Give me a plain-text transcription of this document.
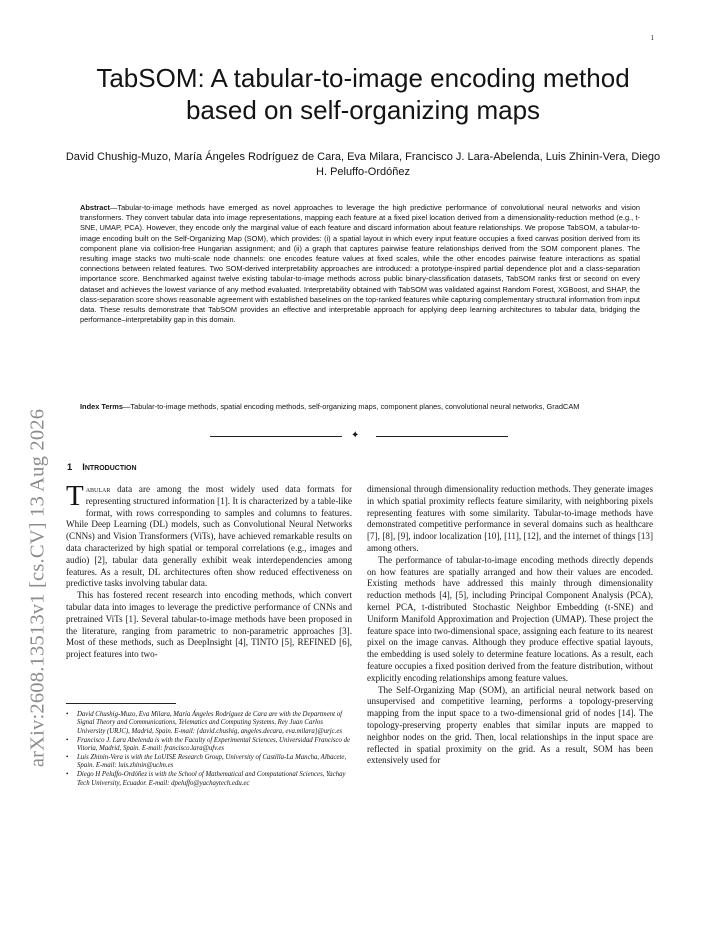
1
arXiv:2608.13513v1 [cs.CV] 13 Aug 2026
TabSOM: A tabular-to-image encoding method based on self-organizing maps
David Chushig-Muzo, María Ángeles Rodríguez de Cara, Eva Milara, Francisco J. Lara-Abelenda, Luis Zhinin-Vera, Diego H. Peluffo-Ordóñez
Abstract—Tabular-to-image methods have emerged as novel approaches to leverage the high predictive performance of convolutional neural networks and vision transformers. They convert tabular data into image representations, mapping each feature at a fixed pixel location derived from a dimensionality-reduction method (e.g., t-SNE, UMAP, PCA). However, they encode only the marginal value of each feature and discard information about feature relationships. We propose TabSOM, a tabular-to-image encoding built on the Self-Organizing Map (SOM), which provides: (i) a spatial layout in which every input feature occupies a fixed canvas position derived from its component plane via collision-free Hungarian assignment; and (ii) a graph that captures pairwise feature relationships derived from the SOM component planes. The resulting image stacks two multi-scale node channels: one encodes feature values at fixed scales, while the other encodes pairwise feature interactions as spatial connections between related features. Two SOM-derived interpretability approaches are introduced: a prototype-inspired partial dependence plot and a class-separation importance score. Benchmarked against twelve existing tabular-to-image methods across public binary-classification datasets, TabSOM ranks first or second on every dataset and achieves the lowest variance of any method evaluated. Interpretability obtained with TabSOM was validated against Random Forest, XGBoost, and SHAP, the class-separation score shows reasonable agreement with established baselines on the top-ranked features while capturing complementary structural information from input data. These results demonstrate that TabSOM provides an effective and interpretable approach for applying deep learning architectures to tabular data, bridging the performance–interpretability gap in this domain.
Index Terms—Tabular-to-image methods, spatial encoding methods, self-organizing maps, component planes, convolutional neural networks, GradCAM
✦
1 Introduction

Tabular data are among the most widely used data formats for representing structured information [1]. It is characterized by a table-like format, with rows corresponding to samples and columns to features. While Deep Learning (DL) models, such as Convolutional Neural Networks (CNNs) and Vision Transformers (ViTs), have achieved remarkable results on data characterized by high spatial or temporal correlations (e.g., images and audio) [2], tabular data generally exhibit weak interdependencies among features. As a result, DL architectures often show reduced effectiveness on predictive tasks involving tabular data.

This has fostered recent research into encoding methods, which convert tabular data into images to leverage the predictive performance of CNNs and pretrained ViTs [1]. Several tabular-to-image methods have been proposed in the literature, ranging from parametric to non-parametric approaches [3]. Most of these methods, such as DeepInsight [4], TINTO [5], REFINED [6], project features into two-

dimensional through dimensionality reduction methods. They generate images in which spatial proximity reflects feature similarity, with neighboring pixels representing features with some similarity. Tabular-to-image methods have demonstrated competitive performance in several domains such as healthcare [7], [8], [9], indoor localization [10], [11], [12], and the internet of things [13] among others.

The performance of tabular-to-image encoding methods directly depends on how features are spatially arranged and how their values are encoded. Existing methods have addressed this mainly through dimensionality reduction methods [4], [5], including Principal Component Analysis (PCA), kernel PCA, t-distributed Stochastic Neighbor Embedding (t-SNE) and Uniform Manifold Approximation and Projection (UMAP). These project the feature space into two-dimensional space, assigning each feature to its nearest pixel on the image canvas. Although they produce effective spatial layouts, the embedding is used solely to determine feature locations. As a result, each feature occupies a fixed position derived from the feature distribution, without explicitly encoding relationships among feature values.

The Self-Organizing Map (SOM), an artificial neural network based on unsupervised and competitive learning, performs a topology-preserving mapping from the input space to a two-dimensional grid of nodes [14]. The topology-preserving property enables that similar inputs are mapped to neighbor nodes on the grid. Then, local relationships in the input space are reflected in spatial proximity on the grid. As a result, SOM has been extensively used for

• David Chushig-Muzo, Eva Milara, María Ángeles Rodríguez de Cara are with the Department of Signal Theory and Communications, Telematics and Computing Systems, Rey Juan Carlos University (URJC), Madrid, Spain. E-mail: {david.chushig, angeles.decara, eva.milara}@urjc.es
• Francisco J. Lara Abelenda is with the Faculty of Experimental Sciences, Universidad Francisco de Vitoria, Madrid, Spain. E-mail: francisco.lara@ufv.es
• Luis Zhinin-Vera is with the LoUISE Research Group, University of Castilla-La Mancha, Albacete, Spain. E-mail: luis.zhinin@uclm.es
• Diego H Peluffo-Ordóñez is with the School of Mathematical and Computational Sciences, Yachay Tech University, Ecuador. E-mail: dpeluffo@yachaytech.edu.ec
